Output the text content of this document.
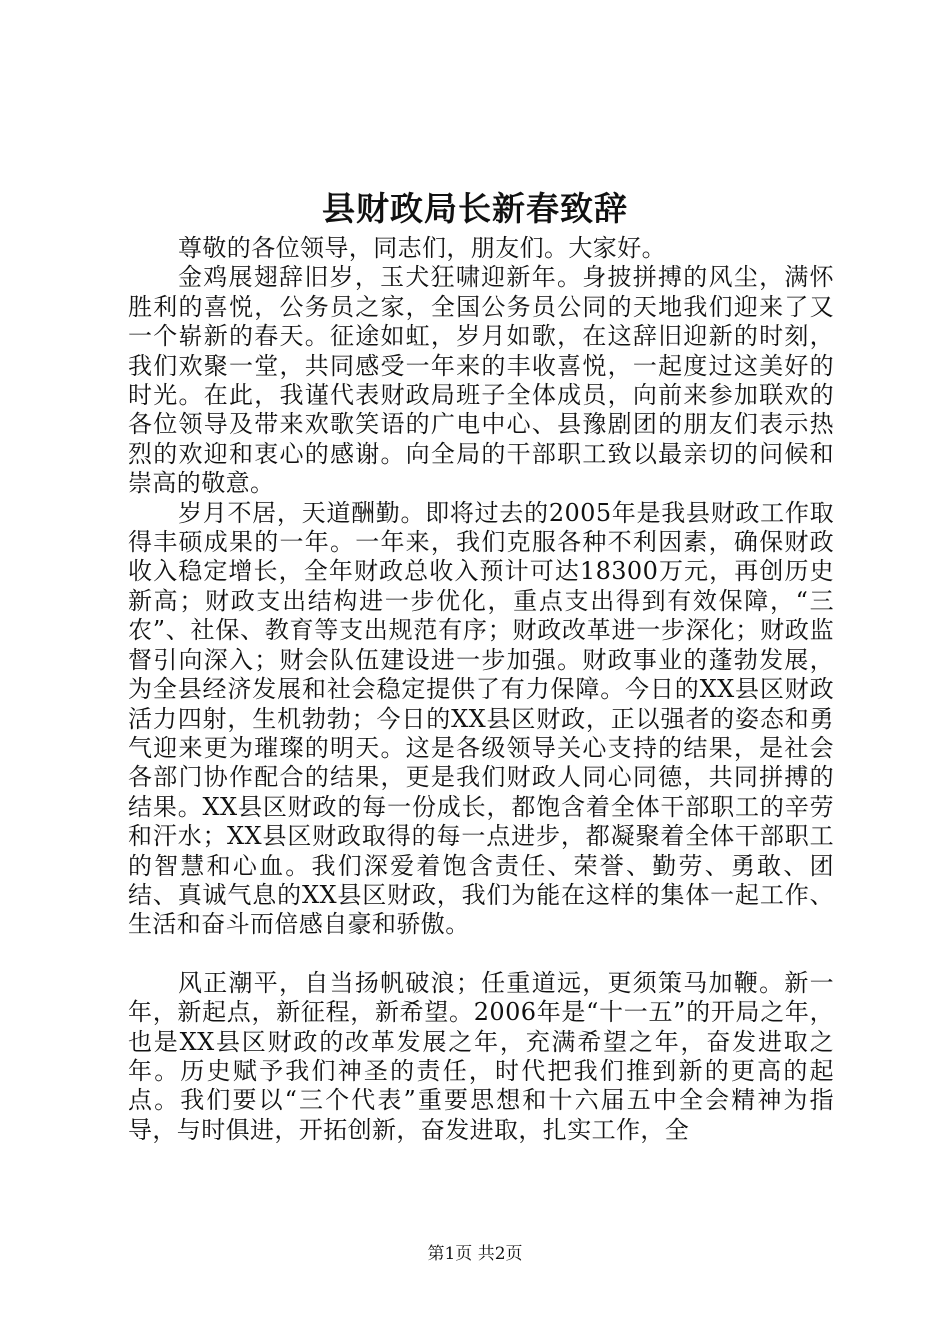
县财政局长新春致辞

尊敬的各位领导，同志们，朋友们。大家好。

金鸡展翅辞旧岁，玉犬狂啸迎新年。身披拼搏的风尘，满怀胜利的喜悦，公务员之家，全国公务员公同的天地我们迎来了又一个崭新的春天。征途如虹，岁月如歌，在这辞旧迎新的时刻，我们欢聚一堂，共同感受一年来的丰收喜悦，一起度过这美好的时光。在此，我谨代表财政局班子全体成员，向前来参加联欢的各位领导及带来欢歌笑语的广电中心、县豫剧团的朋友们表示热烈的欢迎和衷心的感谢。向全局的干部职工致以最亲切的问候和崇高的敬意。

岁月不居，天道酬勤。即将过去的2005年是我县财政工作取得丰硕成果的一年。一年来，我们克服各种不利因素，确保财政收入稳定增长，全年财政总收入预计可达18300万元，再创历史新高；财政支出结构进一步优化，重点支出得到有效保障，“三农”、社保、教育等支出规范有序；财政改革进一步深化；财政监督引向深入；财会队伍建设进一步加强。财政事业的蓬勃发展，为全县经济发展和社会稳定提供了有力保障。今日的XX县区财政活力四射，生机勃勃；今日的XX县区财政，正以强者的姿态和勇气迎来更为璀璨的明天。这是各级领导关心支持的结果，是社会各部门协作配合的结果，更是我们财政人同心同德，共同拼搏的结果。XX县区财政的每一份成长，都饱含着全体干部职工的辛劳和汗水；XX县区财政取得的每一点进步，都凝聚着全体干部职工的智慧和心血。我们深爱着饱含责任、荣誉、勤劳、勇敢、团结、真诚气息的XX县区财政，我们为能在这样的集体一起工作、生活和奋斗而倍感自豪和骄傲。

风正潮平，自当扬帆破浪；任重道远，更须策马加鞭。新一年，新起点，新征程，新希望。2006年是“十一五”的开局之年，也是XX县区财政的改革发展之年，充满希望之年，奋发进取之年。历史赋予我们神圣的责任，时代把我们推到新的更高的起点。我们要以“三个代表”重要思想和十六届五中全会精神为指导，与时俱进，开拓创新，奋发进取，扎实工作，全

第1页 共2页
